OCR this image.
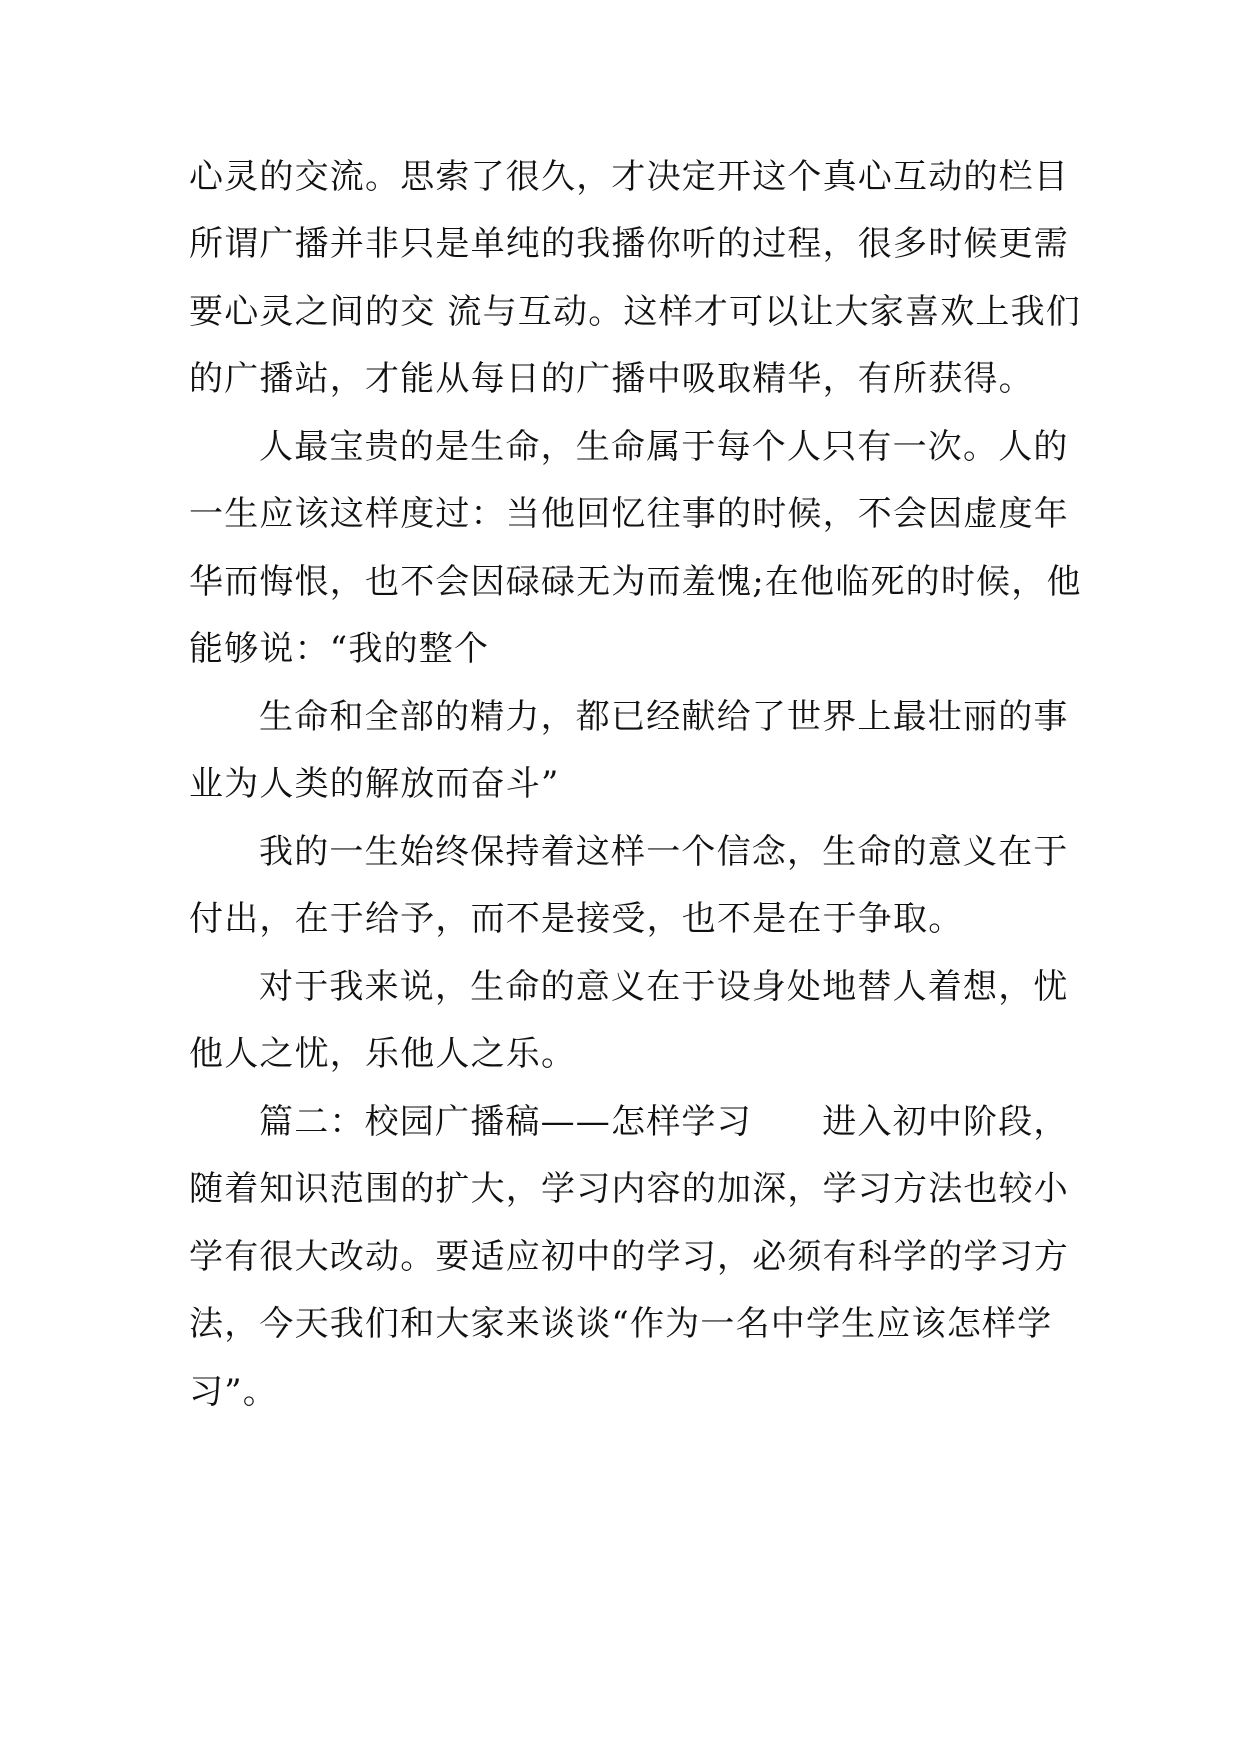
心灵的交流。思索了很久，才决定开这个真心互动的栏目
所谓广播并非只是单纯的我播你听的过程，很多时候更需
要心灵之间的交 流与互动。这样才可以让大家喜欢上我们
的广播站，才能从每日的广播中吸取精华，有所获得。
人最宝贵的是生命，生命属于每个人只有一次。人的
一生应该这样度过：当他回忆往事的时候，不会因虚度年
华而悔恨，也不会因碌碌无为而羞愧;在他临死的时候，他
能够说：“我的整个
生命和全部的精力，都已经献给了世界上最壮丽的事
业为人类的解放而奋斗”
我的一生始终保持着这样一个信念，生命的意义在于
付出，在于给予，而不是接受，也不是在于争取。
对于我来说，生命的意义在于设身处地替人着想，忧
他人之忧，乐他人之乐。
篇二：校园广播稿——怎样学习　　进入初中阶段，
随着知识范围的扩大，学习内容的加深，学习方法也较小
学有很大改动。要适应初中的学习，必须有科学的学习方
法，今天我们和大家来谈谈“作为一名中学生应该怎样学
习”。
